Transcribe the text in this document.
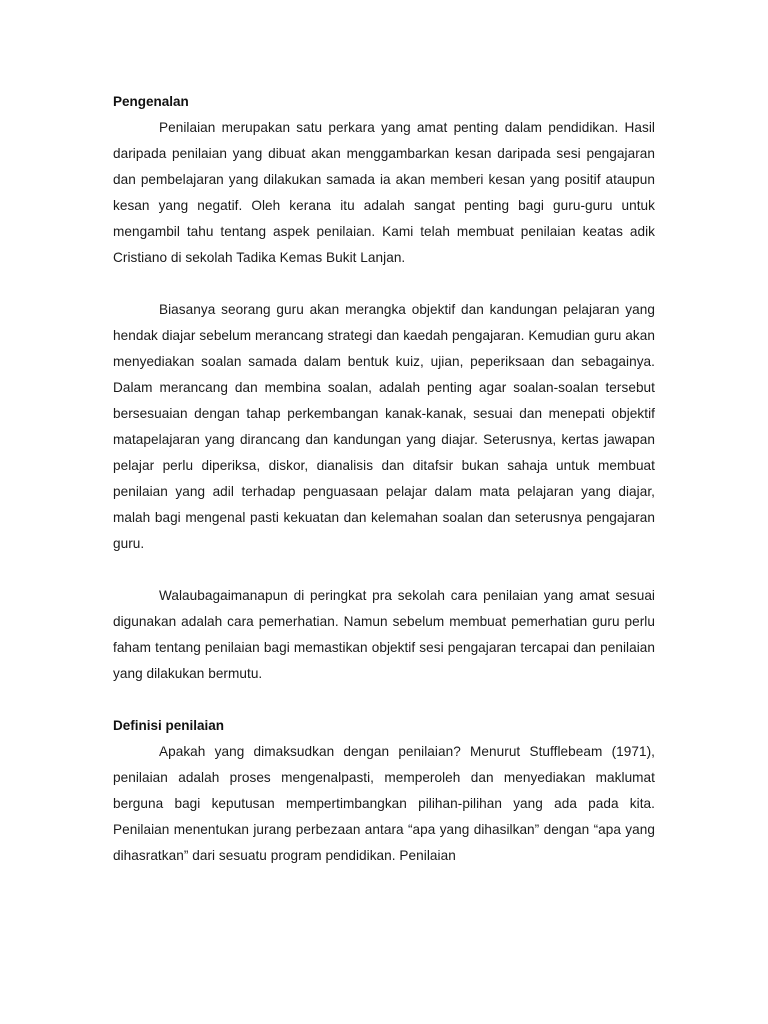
Pengenalan

Penilaian merupakan satu perkara yang amat penting dalam pendidikan. Hasil daripada penilaian yang dibuat akan menggambarkan kesan daripada sesi pengajaran dan pembelajaran yang dilakukan samada ia akan memberi kesan yang positif ataupun kesan yang negatif. Oleh kerana itu adalah sangat penting bagi guru-guru untuk mengambil tahu tentang aspek penilaian. Kami telah membuat penilaian keatas adik Cristiano di sekolah Tadika Kemas Bukit Lanjan.

Biasanya seorang guru akan merangka objektif dan kandungan pelajaran yang hendak diajar sebelum merancang strategi dan kaedah pengajaran. Kemudian guru akan menyediakan soalan samada dalam bentuk kuiz, ujian, peperiksaan dan sebagainya. Dalam merancang dan membina soalan, adalah penting agar soalan-soalan tersebut bersesuaian dengan tahap perkembangan kanak-kanak, sesuai dan menepati objektif matapelajaran yang dirancang dan kandungan yang diajar. Seterusnya, kertas jawapan pelajar perlu diperiksa, diskor, dianalisis dan ditafsir bukan sahaja untuk membuat penilaian yang adil terhadap penguasaan pelajar dalam mata pelajaran yang diajar, malah bagi mengenal pasti kekuatan dan kelemahan soalan dan seterusnya pengajaran guru.

Walaubagaimanapun di peringkat pra sekolah cara penilaian yang amat sesuai digunakan adalah cara pemerhatian. Namun sebelum membuat pemerhatian guru perlu faham tentang penilaian bagi memastikan objektif sesi pengajaran tercapai dan penilaian yang dilakukan bermutu.

Definisi penilaian

Apakah yang dimaksudkan dengan penilaian? Menurut Stufflebeam (1971), penilaian adalah proses mengenalpasti, memperoleh dan menyediakan maklumat berguna bagi keputusan mempertimbangkan pilihan-pilihan yang ada pada kita. Penilaian menentukan jurang perbezaan antara “apa yang dihasilkan” dengan “apa yang dihasratkan” dari sesuatu program pendidikan. Penilaian
